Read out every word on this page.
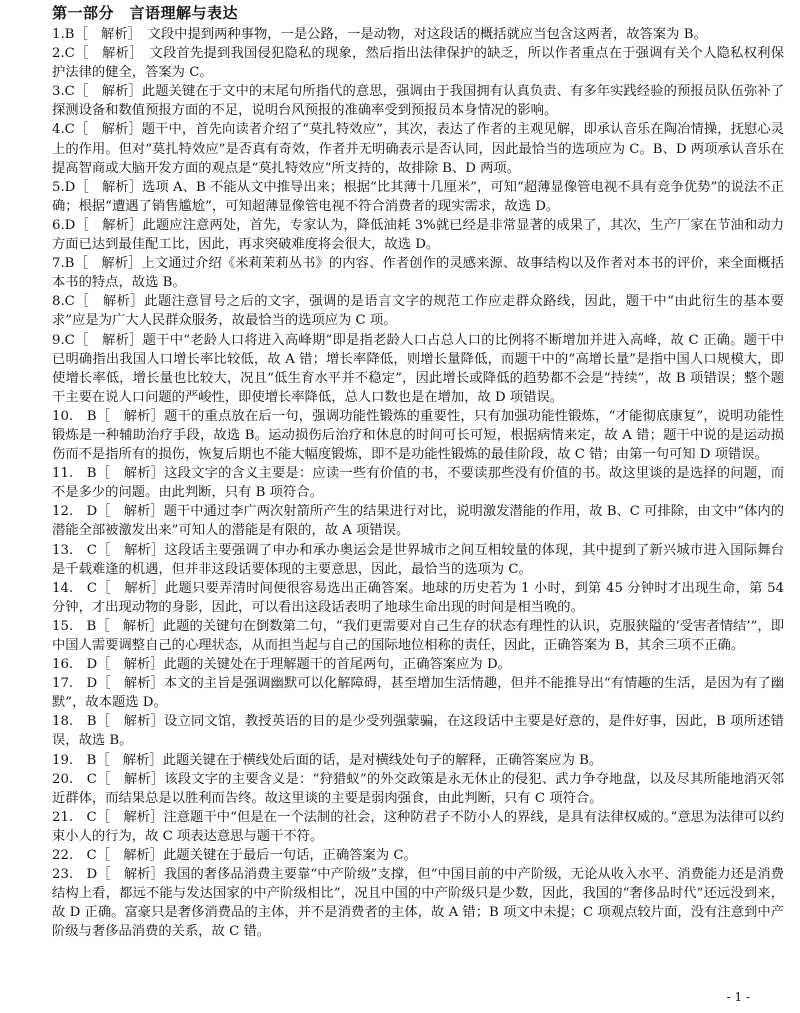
第一部分　言语理解与表达

1.B［　解析］　文段中提到两种事物，一是公路，一是动物，对这段话的概括就应当包含这两者，故答案为 B。

2.C［　解析］　文段首先提到我国侵犯隐私的现象，然后指出法律保护的缺乏，所以作者重点在于强调有关个人隐私权利保护法律的健全，答案为 C。

3.C［　解析］此题关键在于文中的末尾句所指代的意思，强调由于我国拥有认真负责、有多年实践经验的预报员队伍弥补了探测设备和数值预报方面的不足，说明台风预报的准确率受到预报员本身情况的影响。

4.C［　解析］题干中，首先向读者介绍了“莫扎特效应”，其次，表达了作者的主观见解，即承认音乐在陶冶情操，抚慰心灵上的作用。但对“莫扎特效应”是否真有奇效，作者并无明确表示是否认同，因此最恰当的选项应为 C。B、D 两项承认音乐在提高智商或大脑开发方面的观点是“莫扎特效应”所支持的，故排除 B、D 两项。

5.D［　解析］选项 A、B 不能从文中推导出来；根据“比其薄十几厘米”，可知“超薄显像管电视不具有竞争优势”的说法不正确；根据“遭遇了销售尴尬”，可知超薄显像管电视不符合消费者的现实需求，故选 D。

6.D［　解析］此题应注意两处，首先，专家认为，降低油耗 3%就已经是非常显著的成果了，其次，生产厂家在节油和动力方面已达到最佳配工比，因此，再求突破难度将会很大，故选 D。

7.B［　解析］上文通过介绍《米莉茉莉丛书》的内容、作者创作的灵感来源、故事结构以及作者对本书的评价，来全面概括本书的特点，故选 B。

8.C［　解析］此题注意冒号之后的文字，强调的是语言文字的规范工作应走群众路线，因此，题干中“由此衍生的基本要求”应是为广大人民群众服务，故最恰当的选项应为 C 项。

9.C［　解析］题干中“老龄人口将进入高峰期”即是指老龄人口占总人口的比例将不断增加并进入高峰，故 C 正确。题干中已明确指出我国人口增长率比较低，故 A 错；增长率降低，则增长量降低，而题干中的“高增长量”是指中国人口规模大，即使增长率低，增长量也比较大，况且“低生育水平并不稳定”，因此增长或降低的趋势都不会是“持续”，故 B 项错误；整个题干主要在说人口问题的严峻性，即使增长率降低，总人口数也是在增加，故 D 项错误。

10.　B［　解析］题干的重点放在后一句，强调功能性锻炼的重要性，只有加强功能性锻炼，“才能彻底康复”，说明功能性锻炼是一种辅助治疗手段，故选 B。运动损伤后治疗和休息的时间可长可短，根据病情来定，故 A 错；题干中说的是运动损伤而不是指所有的损伤，恢复后期也不能大幅度锻炼，即不是功能性锻炼的最佳阶段，故 C 错；由第一句可知 D 项错误。

11.　B［　解析］这段文字的含义主要是：应读一些有价值的书，不要读那些没有价值的书。故这里谈的是选择的问题，而不是多少的问题。由此判断，只有 B 项符合。

12.　D［　解析］题干中通过李广两次射箭所产生的结果进行对比，说明激发潜能的作用，故 B、C 可排除，由文中“体内的潜能全部被激发出来”可知人的潜能是有限的，故 A 项错误。

13.　C［　解析］这段话主要强调了申办和承办奥运会是世界城市之间互相较量的体现，其中提到了新兴城市进入国际舞台是千载难逢的机遇，但并非这段话要体现的主要意思，因此，最恰当的选项为 C。

14.　C［　解析］此题只要弄清时间便很容易选出正确答案。地球的历史若为 1 小时，到第 45 分钟时才出现生命，第 54 分钟，才出现动物的身影，因此，可以看出这段话表明了地球生命出现的时间是相当晚的。

15.　B［　解析］此题的关键句在倒数第二句，“我们更需要对自己生存的状态有理性的认识，克服狭隘的‘受害者情结’”，即中国人需要调整自己的心理状态，从而担当起与自己的国际地位相称的责任，因此，正确答案为 B，其余三项不正确。

16.　D［　解析］此题的关键处在于理解题干的首尾两句，正确答案应为 D。

17.　D［　解析］本文的主旨是强调幽默可以化解障碍，甚至增加生活情趣，但并不能推导出“有情趣的生活，是因为有了幽默”，故本题选 D。

18.　B［　解析］设立同文馆，教授英语的目的是少受列强蒙骗，在这段话中主要是好意的，是件好事，因此，B 项所述错误，故选 B。

19.　B［　解析］此题关键在于横线处后面的话，是对横线处句子的解释，正确答案应为 B。

20.　C［　解析］该段文字的主要含义是：“狩猎蚁”的外交政策是永无休止的侵犯、武力争夺地盘，以及尽其所能地消灭邻近群体，而结果总是以胜利而告终。故这里谈的主要是弱肉强食，由此判断，只有 C 项符合。

21.　C［　解析］注意题干中“但是在一个法制的社会，这种防君子不防小人的界线，是具有法律权威的。”意思为法律可以约束小人的行为，故 C 项表达意思与题干不符。

22.　C［　解析］此题关键在于最后一句话，正确答案为 C。

23.　D［　解析］我国的奢侈品消费主要靠“中产阶级”支撑，但“中国目前的中产阶级，无论从收入水平、消费能力还是消费结构上看，都远不能与发达国家的中产阶级相比”，况且中国的中产阶级只是少数，因此，我国的“奢侈品时代”还远没到来，故 D 正确。富豪只是奢侈消费品的主体，并不是消费者的主体，故 A 错；B 项文中未提；C 项观点较片面，没有注意到中产阶级与奢侈品消费的关系，故 C 错。

- 1 -
